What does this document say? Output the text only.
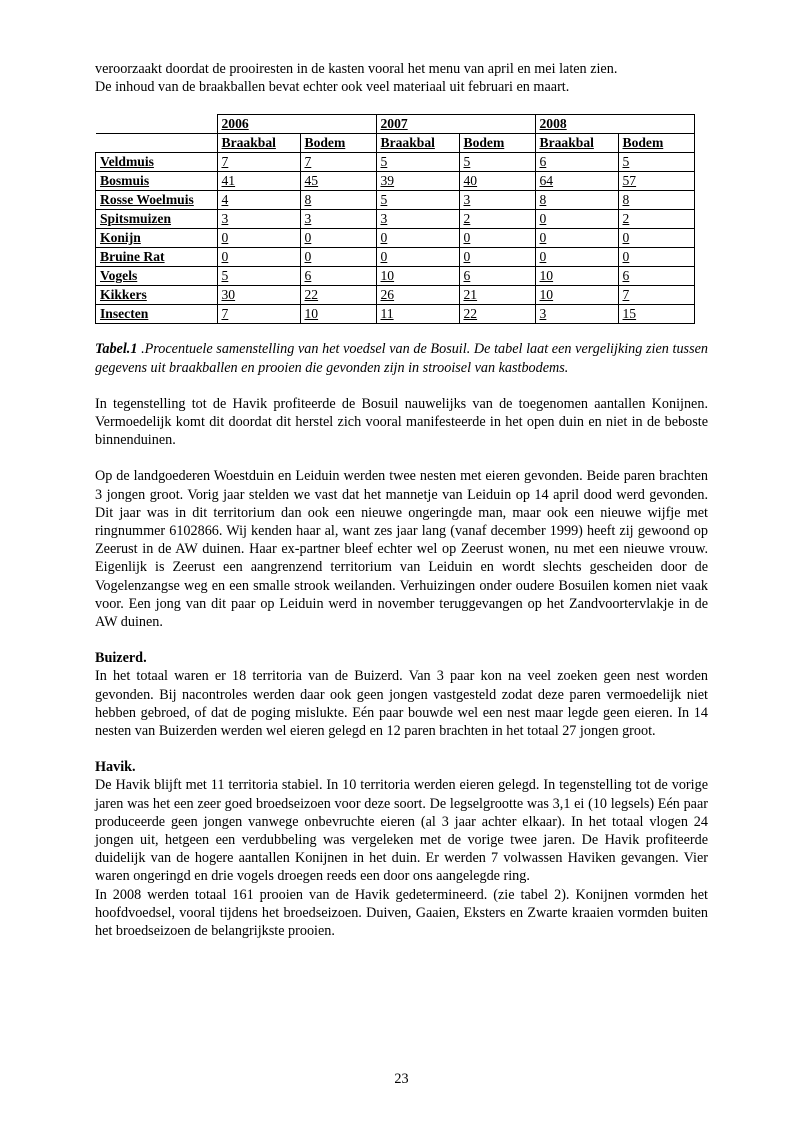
veroorzaakt doordat de prooiresten in de kasten vooral het menu van april en mei laten zien.

De inhoud van de braakballen bevat echter ook veel materiaal uit februari en maart.

	2006		2007		2008	
	Braakbal	Bodem	Braakbal	Bodem	Braakbal	Bodem
Veldmuis	7	7	5	5	6	5
Bosmuis	41	45	39	40	64	57
Rosse Woelmuis	4	8	5	3	8	8
Spitsmuizen	3	3	3	2	0	2
Konijn	0	0	0	0	0	0
Bruine Rat	0	0	0	0	0	0
Vogels	5	6	10	6	10	6
Kikkers	30	22	26	21	10	7
Insecten	7	10	11	22	3	15

Tabel.1 .Procentuele samenstelling van het voedsel van de Bosuil. De tabel laat een vergelijking zien tussen gegevens uit braakballen en prooien die gevonden zijn in strooisel van kastbodems.

In tegenstelling tot de Havik profiteerde de Bosuil nauwelijks van de toegenomen aantallen Konijnen. Vermoedelijk komt dit doordat dit herstel zich vooral manifesteerde in het open duin en niet in de beboste binnenduinen.

Op de landgoederen Woestduin en Leiduin werden twee nesten met eieren gevonden. Beide paren brachten 3 jongen groot. Vorig jaar stelden we vast dat het mannetje van Leiduin op 14 april dood werd gevonden. Dit jaar was in dit territorium dan ook een nieuwe ongeringde man, maar ook een nieuwe wijfje met ringnummer 6102866. Wij kenden haar al, want zes jaar lang (vanaf december 1999) heeft zij gewoond op Zeerust in de AW duinen. Haar ex-partner bleef echter wel op Zeerust wonen, nu met een nieuwe vrouw. Eigenlijk is Zeerust een aangrenzend territorium van Leiduin en wordt slechts gescheiden door de Vogelenzangse weg en een smalle strook weilanden. Verhuizingen onder oudere Bosuilen komen niet vaak voor. Een jong van dit paar op Leiduin werd in november teruggevangen op het Zandvoortervlakje in de AW duinen.

Buizerd.

In het totaal waren er 18 territoria van de Buizerd. Van 3 paar kon na veel zoeken geen nest worden gevonden. Bij nacontroles werden daar ook geen jongen vastgesteld zodat deze paren vermoedelijk niet hebben gebroed, of dat de poging mislukte. Eén paar bouwde wel een nest maar legde geen eieren. In 14 nesten van Buizerden werden wel eieren gelegd en 12 paren brachten in het totaal 27 jongen groot.

Havik.

De Havik blijft met 11 territoria stabiel. In 10 territoria werden eieren gelegd. In tegenstelling tot de vorige jaren was het een zeer goed broedseizoen voor deze soort. De legselgrootte was 3,1 ei (10 legsels) Eén paar produceerde geen jongen vanwege onbevruchte eieren (al 3 jaar achter elkaar). In het totaal vlogen 24 jongen uit, hetgeen een verdubbeling was vergeleken met de vorige twee jaren. De Havik profiteerde duidelijk van de hogere aantallen Konijnen in het duin. Er werden 7 volwassen Haviken gevangen. Vier waren ongeringd en drie vogels droegen reeds een door ons aangelegde ring.

In 2008 werden totaal 161 prooien van de Havik gedetermineerd. (zie tabel 2). Konijnen vormden het hoofdvoedsel, vooral tijdens het broedseizoen. Duiven, Gaaien, Eksters en Zwarte kraaien vormden buiten het broedseizoen de belangrijkste prooien.

23
